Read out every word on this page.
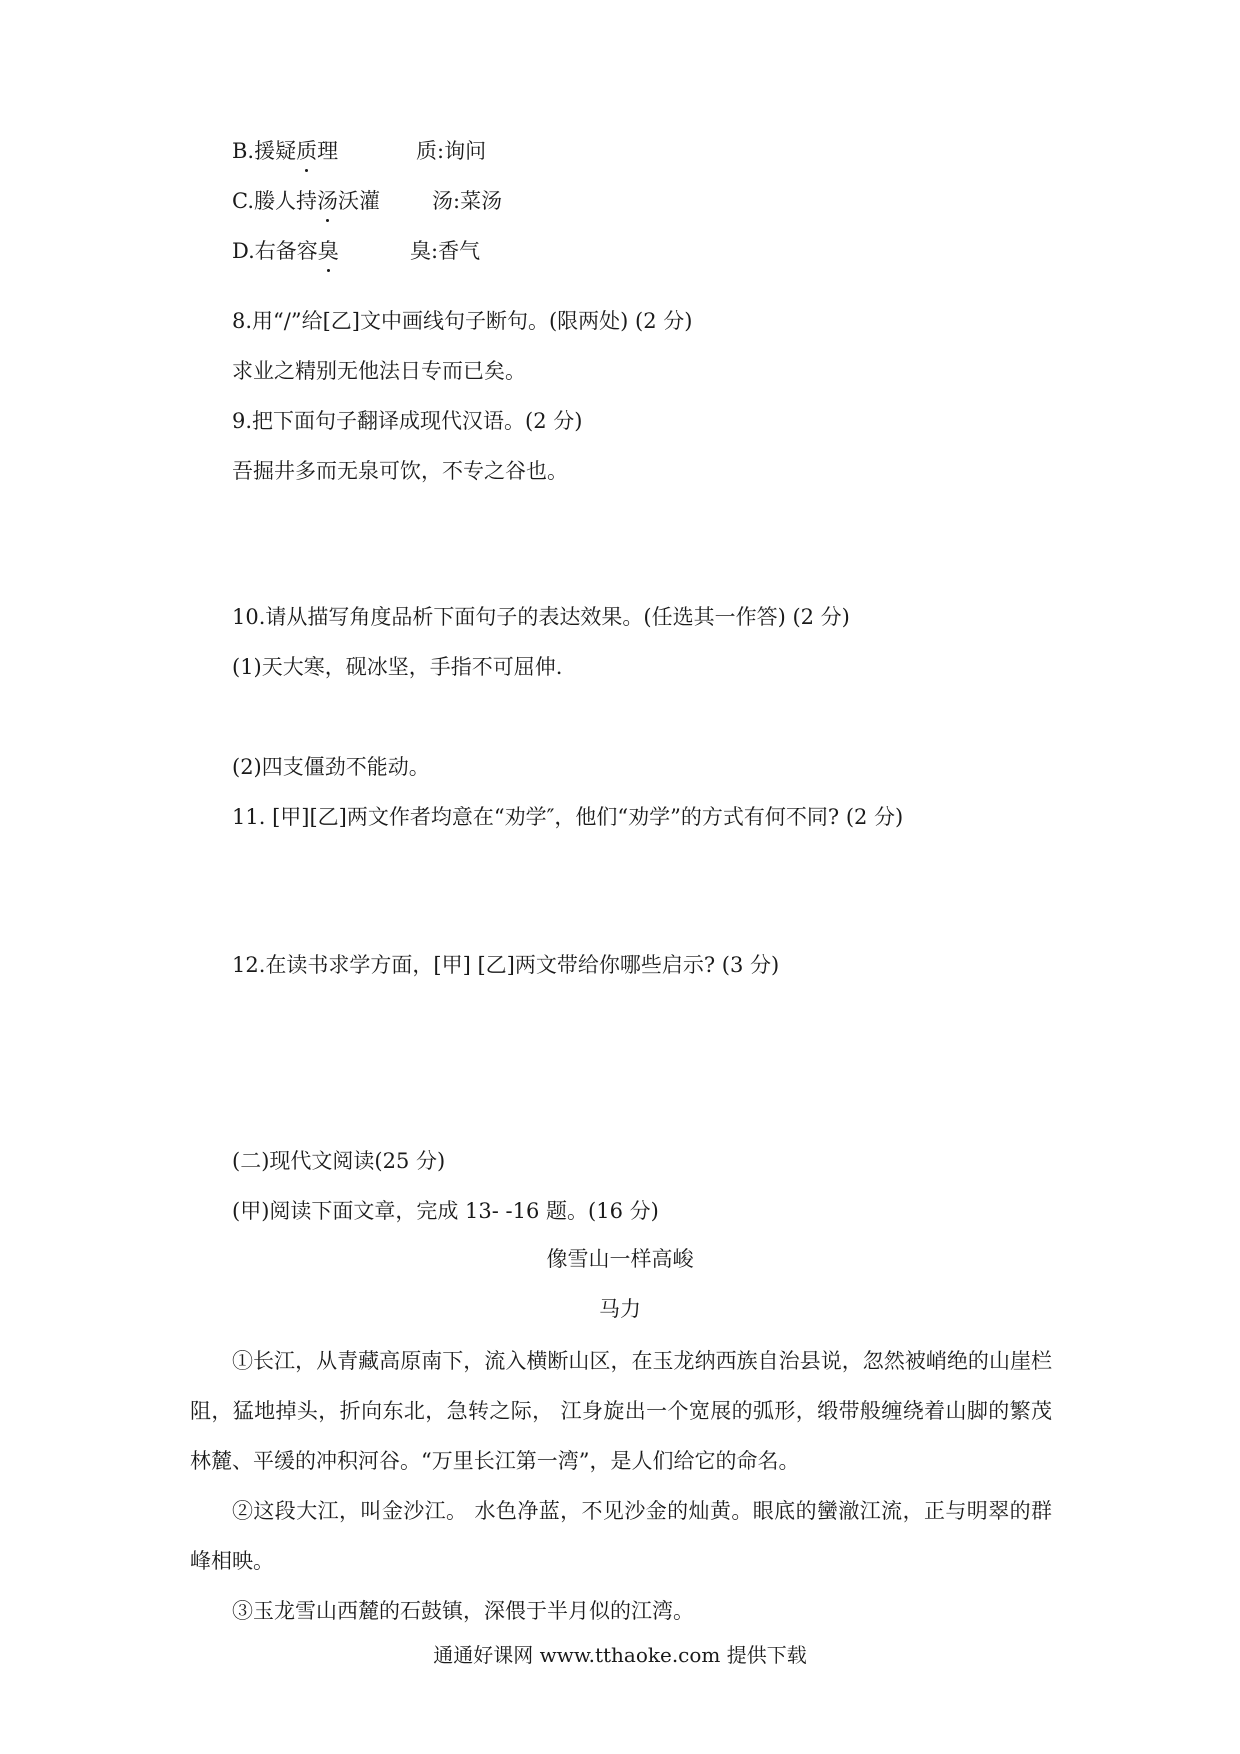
B.援疑质理	质:询问

C.媵人持汤沃灌 汤:菜汤

D.右备容臭	臭:香气

8.用“/”给[乙]文中画线句子断句。(限两处) (2 分)

求业之精别无他法日专而已矣。

9.把下面句子翻译成现代汉语。(2 分)

吾掘井多而无泉可饮，不专之谷也。

10.请从描写角度品析下面句子的表达效果。(任选其一作答) (2 分)

(1)天大寒，砚冰坚，手指不可屈伸.

(2)四支僵劲不能动。

11. [甲][乙]两文作者均意在“劝学″，他们“劝学”的方式有何不同? (2 分)

12.在读书求学方面，[甲] [乙]两文带给你哪些启示? (3 分)

(二)现代文阅读(25 分)

(甲)阅读下面文章，完成 13- -16 题。(16 分)

像雪山一样高峻

马力

①长江，从青藏高原南下，流入横断山区，在玉龙纳西族自治县说，忽然被峭绝的山崖栏阻，猛地掉头，折向东北，急转之际， 江身旋出一个宽展的弧形，缎带般缠绕着山脚的繁茂林麓、平缓的冲积河谷。“万里长江第一湾”，是人们给它的命名。

②这段大江，叫金沙江。 水色净蓝，不见沙金的灿黄。眼底的蠻澈江流，正与明翠的群峰相映。

③玉龙雪山西麓的石鼓镇，深偎于半月似的江湾。

通通好课网 www.tthaoke.com 提供下载
